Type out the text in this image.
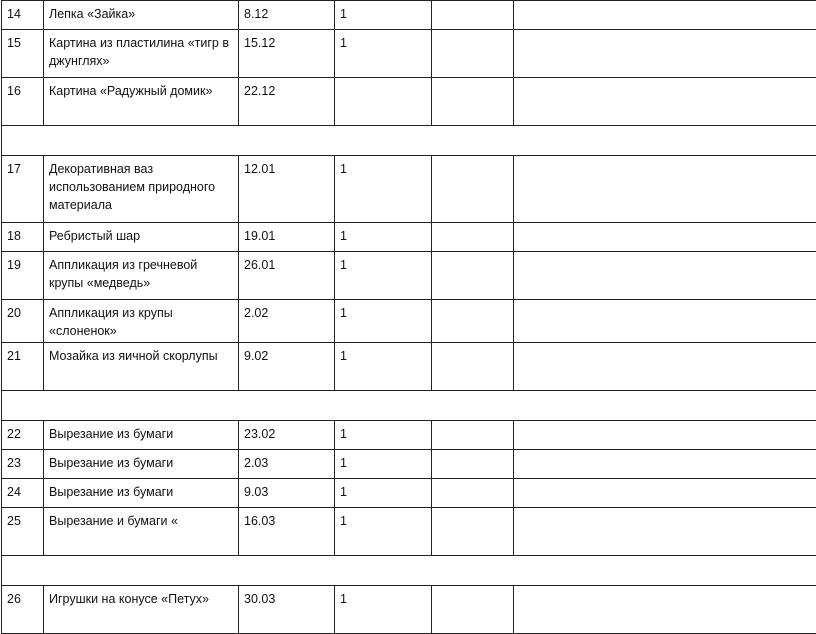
14	Лепка «Зайка»	8.12	1		
15	Картина из пластилина «тигр в джунглях»	15.12	1		
16	Картина «Радужный домик»	22.12			

17	Декоративная ваз использованием природного материала	12.01	1		
18	Ребристый шар	19.01	1		
19	Аппликация из гречневой крупы «медведь»	26.01	1		
20	Аппликация из крупы «слоненок»	2.02	1		
21	Мозайка из яичной скорлупы	9.02	1		

22	Вырезание из бумаги	23.02	1		
23	Вырезание из бумаги	2.03	1		
24	Вырезание из бумаги	9.03	1		
25	Вырезание и бумаги «	16.03	1		

26	Игрушки на конусе «Петух»	30.03	1		
